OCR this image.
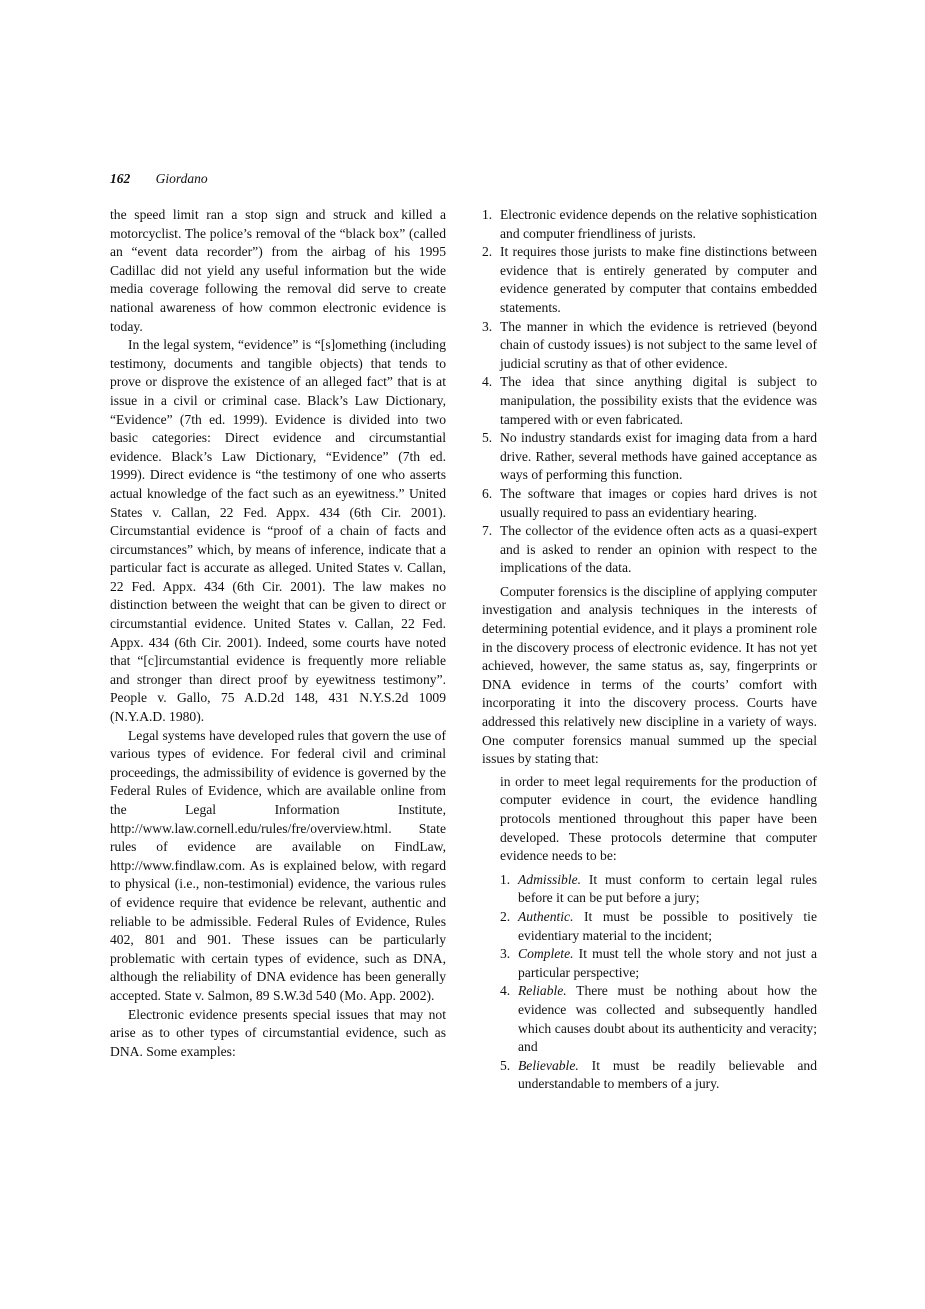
162 Giordano

the speed limit ran a stop sign and struck and killed a motorcyclist. The police’s removal of the “black box” (called an “event data recorder”) from the airbag of his 1995 Cadillac did not yield any useful information but the wide media coverage following the removal did serve to create national awareness of how common electronic evidence is today.

In the legal system, “evidence” is “[s]omething (including testimony, documents and tangible objects) that tends to prove or disprove the existence of an alleged fact” that is at issue in a civil or criminal case. Black’s Law Dictionary, “Evidence” (7th ed. 1999). Evidence is divided into two basic categories: Direct evidence and circumstantial evidence. Black’s Law Dictionary, “Evidence” (7th ed. 1999). Direct evidence is “the testimony of one who asserts actual knowledge of the fact such as an eyewitness.” United States v. Callan, 22 Fed. Appx. 434 (6th Cir. 2001). Circumstantial evidence is “proof of a chain of facts and circumstances” which, by means of inference, indicate that a particular fact is accurate as alleged. United States v. Callan, 22 Fed. Appx. 434 (6th Cir. 2001). The law makes no distinction between the weight that can be given to direct or circumstantial evidence. United States v. Callan, 22 Fed. Appx. 434 (6th Cir. 2001). Indeed, some courts have noted that “[c]ircumstantial evidence is frequently more reliable and stronger than direct proof by eyewitness testimony”. People v. Gallo, 75 A.D.2d 148, 431 N.Y.S.2d 1009 (N.Y.A.D. 1980).

Legal systems have developed rules that govern the use of various types of evidence. For federal civil and criminal proceedings, the admissibility of evidence is governed by the Federal Rules of Evidence, which are available online from the Legal Information Institute, http://www.law.cornell.edu/rules/fre/overview.html. State rules of evidence are available on FindLaw, http://www.findlaw.com. As is explained below, with regard to physical (i.e., non-testimonial) evidence, the various rules of evidence require that evidence be relevant, authentic and reliable to be admissible. Federal Rules of Evidence, Rules 402, 801 and 901. These issues can be particularly problematic with certain types of evidence, such as DNA, although the reliability of DNA evidence has been generally accepted. State v. Salmon, 89 S.W.3d 540 (Mo. App. 2002).

Electronic evidence presents special issues that may not arise as to other types of circumstantial evidence, such as DNA. Some examples:

1. Electronic evidence depends on the relative sophistication and computer friendliness of jurists.
2. It requires those jurists to make fine distinctions between evidence that is entirely generated by computer and evidence generated by computer that contains embedded statements.
3. The manner in which the evidence is retrieved (beyond chain of custody issues) is not subject to the same level of judicial scrutiny as that of other evidence.
4. The idea that since anything digital is subject to manipulation, the possibility exists that the evidence was tampered with or even fabricated.
5. No industry standards exist for imaging data from a hard drive. Rather, several methods have gained acceptance as ways of performing this function.
6. The software that images or copies hard drives is not usually required to pass an evidentiary hearing.
7. The collector of the evidence often acts as a quasi-expert and is asked to render an opinion with respect to the implications of the data.

Computer forensics is the discipline of applying computer investigation and analysis techniques in the interests of determining potential evidence, and it plays a prominent role in the discovery process of electronic evidence. It has not yet achieved, however, the same status as, say, fingerprints or DNA evidence in terms of the courts’ comfort with incorporating it into the discovery process. Courts have addressed this relatively new discipline in a variety of ways. One computer forensics manual summed up the special issues by stating that:

in order to meet legal requirements for the production of computer evidence in court, the evidence handling protocols mentioned throughout this paper have been developed. These protocols determine that computer evidence needs to be:

1. Admissible. It must conform to certain legal rules before it can be put before a jury;
2. Authentic. It must be possible to positively tie evidentiary material to the incident;
3. Complete. It must tell the whole story and not just a particular perspective;
4. Reliable. There must be nothing about how the evidence was collected and subsequently handled which causes doubt about its authenticity and veracity; and
5. Believable. It must be readily believable and understandable to members of a jury.
